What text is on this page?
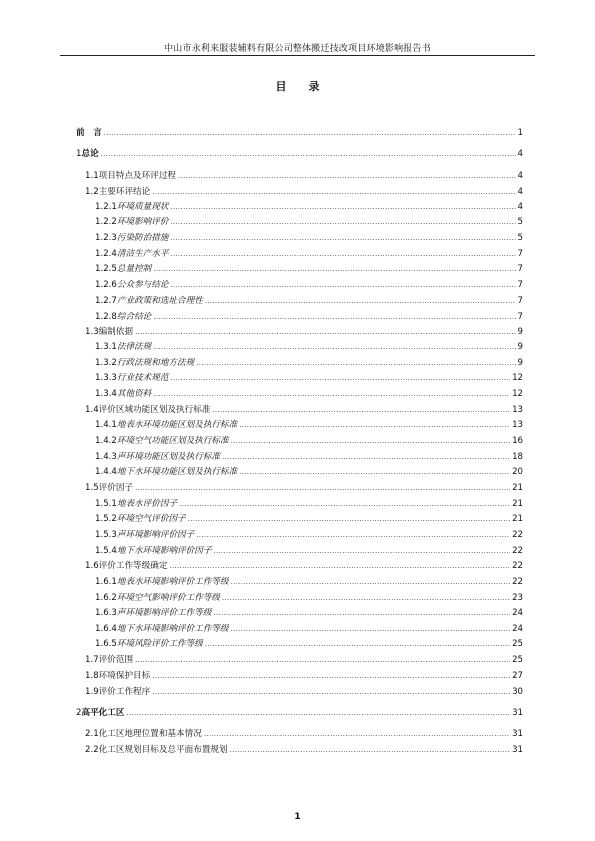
中山市永利来服装辅料有限公司整体搬迁技改项目环境影响报告书
目录
前　言 .....	1
1 总论 .....	4
1.1 项目特点及环评过程 .....	4
1.2 主要环评结论 .....	4
1.2.1 环境质量现状 .....	4
1.2.2 环境影响评价 .....	5
1.2.3 污染防治措施 .....	5
1.2.4 清洁生产水平 .....	7
1.2.5 总量控制 .....	7
1.2.6 公众参与结论 .....	7
1.2.7 产业政策和选址合理性 .....	7
1.2.8 综合结论 .....	7
1.3 编制依据 .....	9
1.3.1 法律法规 .....	9
1.3.2 行政法规和地方法规 .....	9
1.3.3 行业技术规范 .....	12
1.3.4 其他资料 .....	12
1.4 评价区域功能区划及执行标准 .....	13
1.4.1 地表水环境功能区划及执行标准 .....	13
1.4.2 环境空气功能区划及执行标准 .....	16
1.4.3 声环境功能区划及执行标准 .....	18
1.4.4 地下水环境功能区划及执行标准 .....	20
1.5 评价因子 .....	21
1.5.1 地表水评价因子 .....	21
1.5.2 环境空气评价因子 .....	21
1.5.3 声环境影响评价因子 .....	22
1.5.4 地下水环境影响评价因子 .....	22
1.6 评价工作等级确定 .....	22
1.6.1 地表水环境影响评价工作等级 .....	22
1.6.2 环境空气影响评价工作等级 .....	23
1.6.3 声环境影响评价工作等级 .....	24
1.6.4 地下水环境影响评价工作等级 .....	24
1.6.5 环境风险评价工作等级 .....	25
1.7 评价范围 .....	25
1.8 环境保护目标 .....	27
1.9 评价工作程序 .....	30
2 高平化工区 .....	31
2.1 化工区地理位置和基本情况 .....	31
2.2 化工区规划目标及总平面布置规划 .....	31
1
